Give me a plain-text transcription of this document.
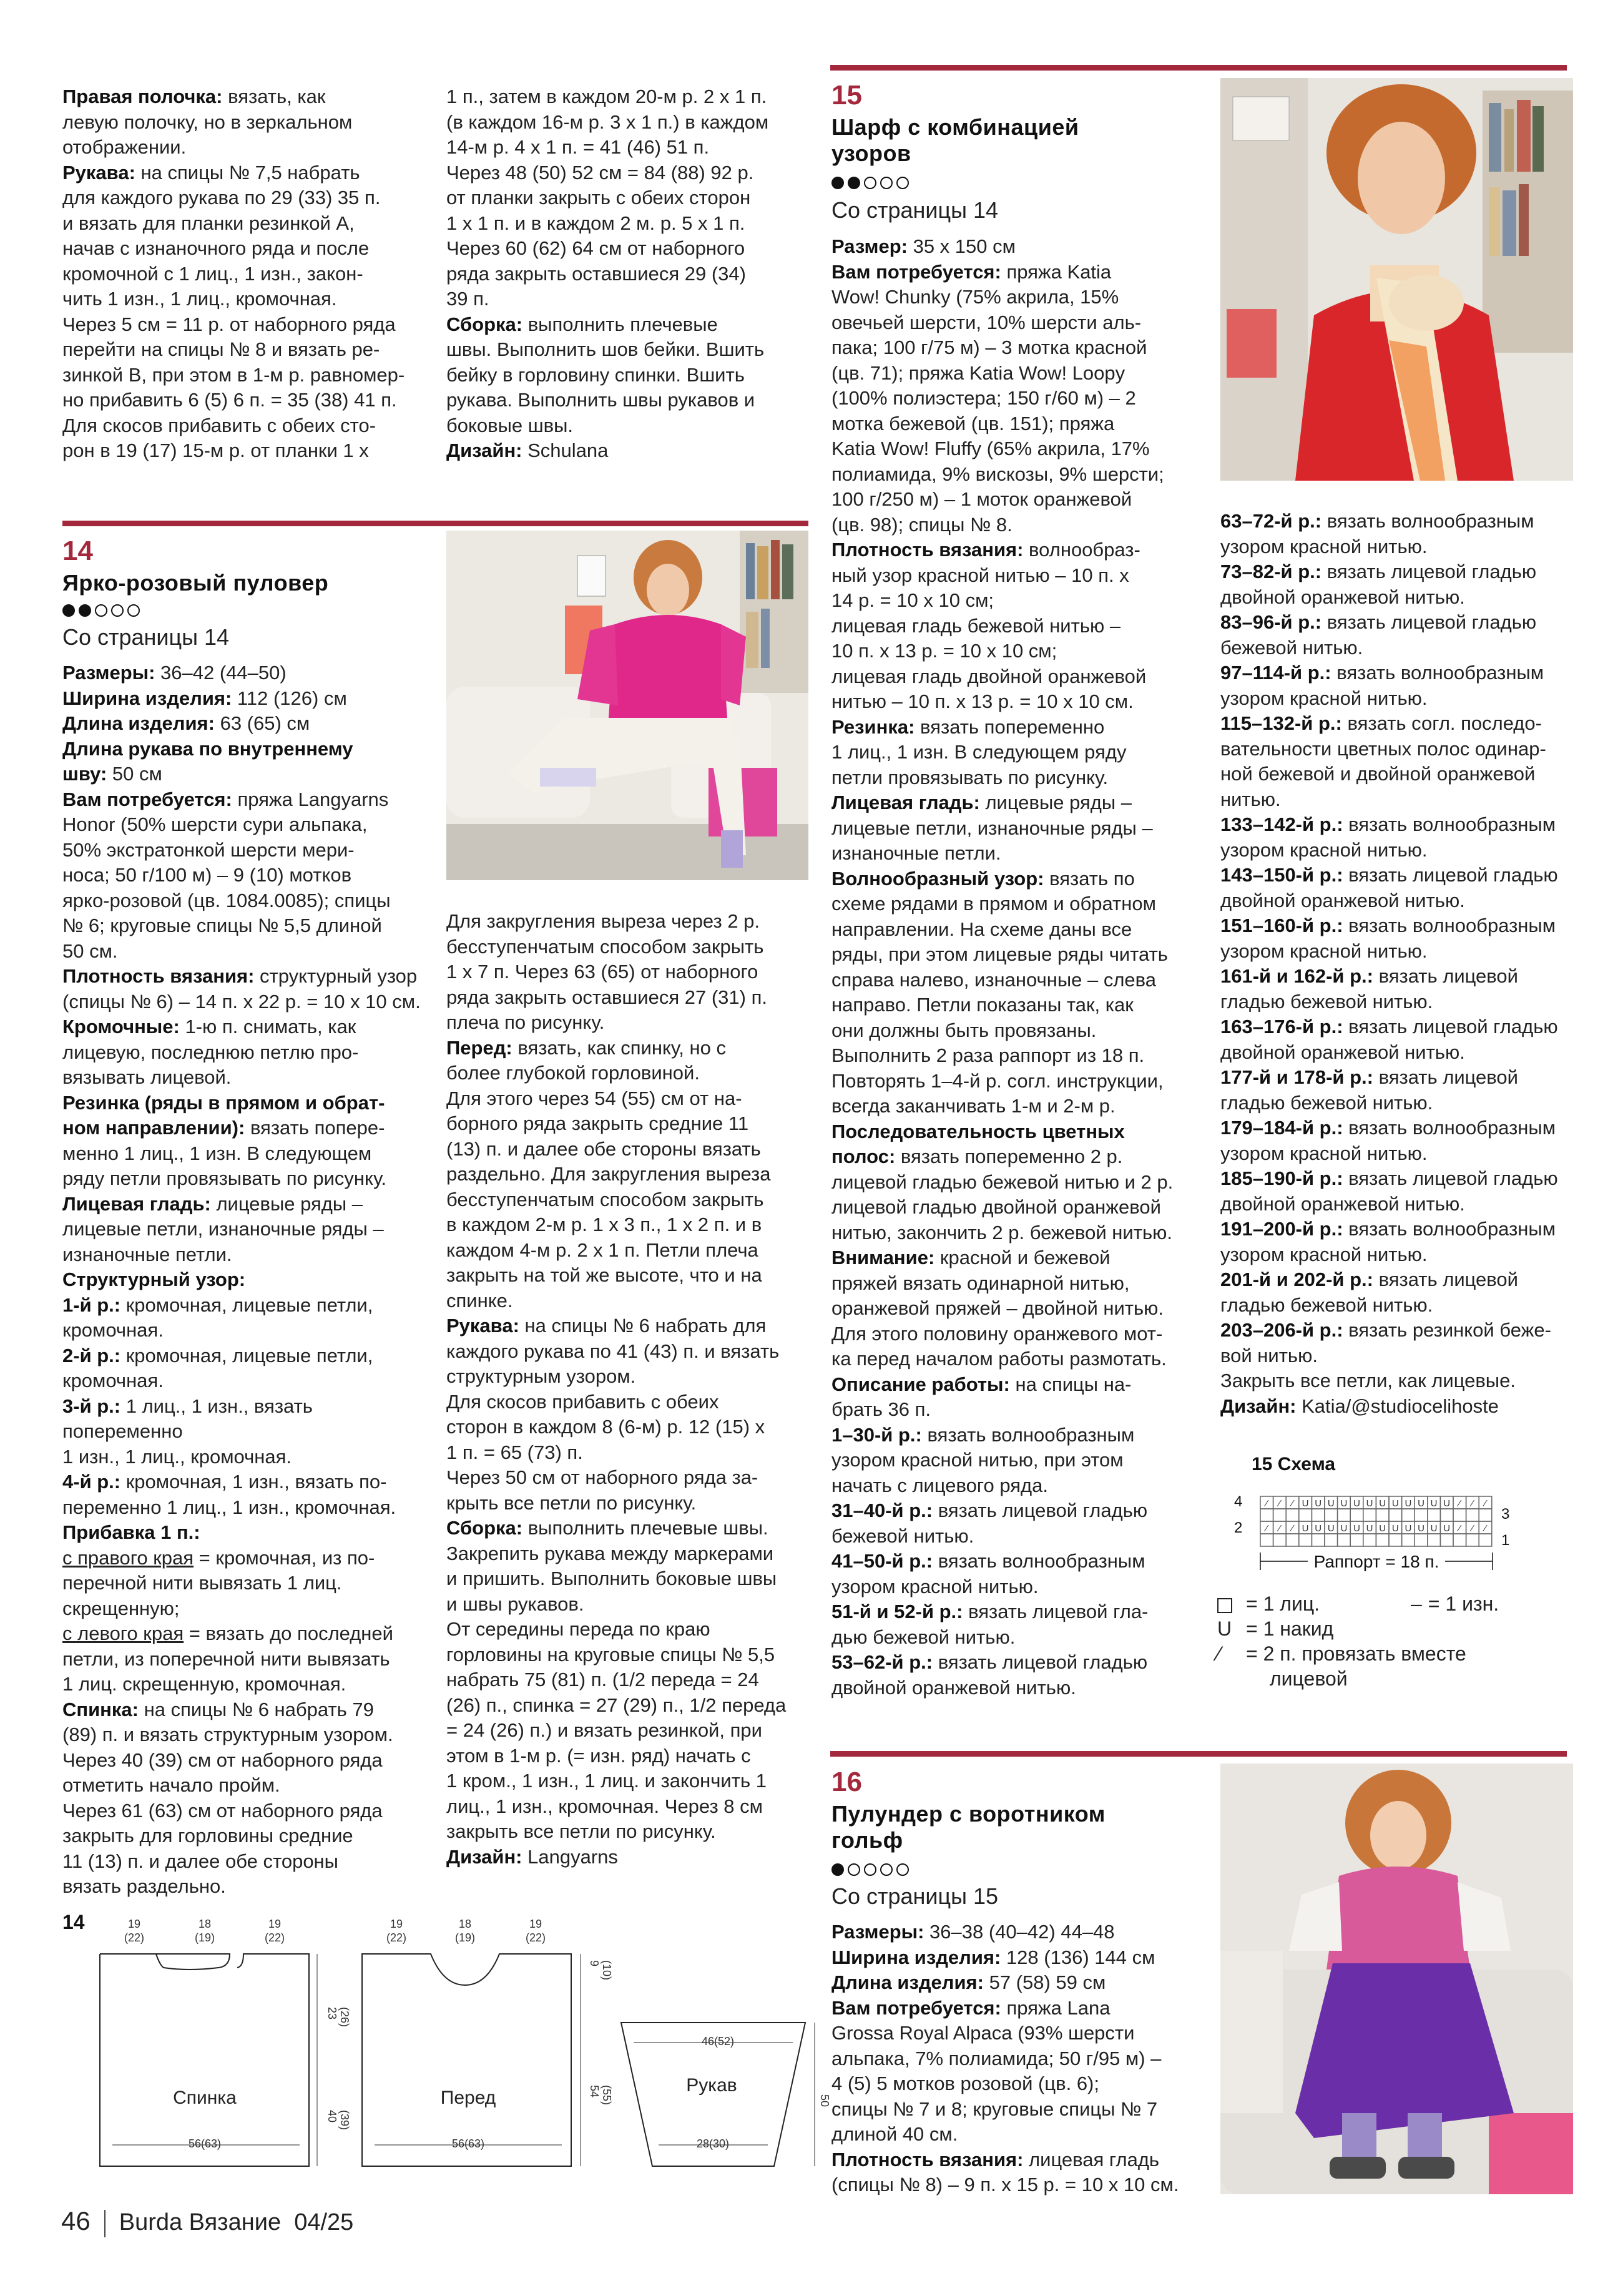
Правая полочка: вязать, как

левую полочку, но в зеркальном

отображении.

Рукава: на спицы № 7,5 набрать

для каждого рукава по 29 (33) 35 п.

и вязать для планки резинкой A,

начав с изнаночного ряда и после

кромочной с 1 лиц., 1 изн., закон-

чить 1 изн., 1 лиц., кромочная.

Через 5 см = 11 р. от наборного ряда

перейти на спицы № 8 и вязать ре-

зинкой B, при этом в 1-м р. равномер-

но прибавить 6 (5) 6 п. = 35 (38) 41 п.

Для скосов прибавить с обеих сто-

рон в 19 (17) 15-м р. от планки 1 x

1 п., затем в каждом 20-м р. 2 x 1 п.

(в каждом 16-м р. 3 x 1 п.) в каждом

14-м р. 4 x 1 п. = 41 (46) 51 п.

Через 48 (50) 52 см = 84 (88) 92 р.

от планки закрыть с обеих сторон

1 x 1 п. и в каждом 2 м. р. 5 x 1 п.

Через 60 (62) 64 см от наборного

ряда закрыть оставшиеся 29 (34)

39 п.

Сборка: выполнить плечевые

швы. Выполнить шов бейки. Вшить

бейку в горловину спинки. Вшить

рукава. Выполнить швы рукавов и

боковые швы.

Дизайн: Schulana

15
Шарф с комбинацией
узоров
Со страницы 14

Размер: 35 x 150 см

Вам потребуется: пряжа Katia

Wow! Chunky (75% акрила, 15%

овечьей шерсти, 10% шерсти аль-

пака; 100 г/75 м) – 3 мотка красной

(цв. 71); пряжа Katia Wow! Loopy

(100% полиэстера; 150 г/60 м) – 2

мотка бежевой (цв. 151); пряжа

Katia Wow! Fluffy (65% акрила, 17%

полиамида, 9% вискозы, 9% шерсти;

100 г/250 м) – 1 моток оранжевой

(цв. 98); спицы № 8.

Плотность вязания: волнообраз-

ный узор красной нитью – 10 п. x

14 р. = 10 x 10 см;

лицевая гладь бежевой нитью –

10 п. x 13 р. = 10 x 10 см;

лицевая гладь двойной оранжевой

нитью – 10 п. x 13 р. = 10 x 10 см.

Резинка: вязать попеременно

1 лиц., 1 изн. В следующем ряду

петли провязывать по рисунку.

Лицевая гладь: лицевые ряды –

лицевые петли, изнаночные ряды –

изнаночные петли.

Волнообразный узор: вязать по

схеме рядами в прямом и обратном

направлении. На схеме даны все

ряды, при этом лицевые ряды читать

справа налево, изнаночные – слева

направо. Петли показаны так, как

они должны быть провязаны.

Выполнить 2 раза раппорт из 18 п.

Повторять 1–4-й р. согл. инструкции,

всегда заканчивать 1-м и 2-м р.

Последовательность цветных

полос: вязать попеременно 2 р.

лицевой гладью бежевой нитью и 2 р.

лицевой гладью двойной оранжевой

нитью, закончить 2 р. бежевой нитью.

Внимание: красной и бежевой

пряжей вязать одинарной нитью,

оранжевой пряжей – двойной нитью.

Для этого половину оранжевого мот-

ка перед началом работы размотать.

Описание работы: на спицы на-

брать 36 п.

1–30-й р.: вязать волнообразным

узором красной нитью, при этом

начать с лицевого ряда.

31–40-й р.: вязать лицевой гладью

бежевой нитью.

41–50-й р.: вязать волнообразным

узором красной нитью.

51-й и 52-й р.: вязать лицевой гла-

дью бежевой нитью.

53–62-й р.: вязать лицевой гладью

двойной оранжевой нитью.

14
Ярко-розовый пуловер
Со страницы 14

Размеры: 36–42 (44–50)

Ширина изделия: 112 (126) см

Длина изделия: 63 (65) см

Длина рукава по внутреннему

шву: 50 см

Вам потребуется: пряжа Langyarns

Honor (50% шерсти сури альпака,

50% экстратонкой шерсти мери-

носа; 50 г/100 м) – 9 (10) мотков

ярко-розовой (цв. 1084.0085); спицы

№ 6; круговые спицы № 5,5 длиной

50 см.

Плотность вязания: структурный узор

(спицы № 6) – 14 п. x 22 р. = 10 x 10 см.

Кромочные: 1-ю п. снимать, как

лицевую, последнюю петлю про-

вязывать лицевой.

Резинка (ряды в прямом и обрат-

ном направлении): вязать попере-

менно 1 лиц., 1 изн. В следующем

ряду петли провязывать по рисунку.

Лицевая гладь: лицевые ряды –

лицевые петли, изнаночные ряды –

изнаночные петли.

Структурный узор:

1-й р.: кромочная, лицевые петли,

кромочная.

2-й р.: кромочная, лицевые петли,

кромочная.

3-й р.: 1 лиц., 1 изн., вязать попеременно

1 изн., 1 лиц., кромочная.

4-й р.: кромочная, 1 изн., вязать по-

переменно 1 лиц., 1 изн., кромочная.

Прибавка 1 п.:

с правого края = кромочная, из по-

перечной нити вывязать 1 лиц.

скрещенную;

с левого края = вязать до последней

петли, из поперечной нити вывязать

1 лиц. скрещенную, кромочная.

Спинка: на спицы № 6 набрать 79

(89) п. и вязать структурным узором.

Через 40 (39) см от наборного ряда

отметить начало пройм.

Через 61 (63) см от наборного ряда

закрыть для горловины средние

11 (13) п. и далее обе стороны

вязать раздельно.

Для закругления выреза через 2 р.

бесступенчатым способом закрыть

1 x 7 п. Через 63 (65) от наборного

ряда закрыть оставшиеся 27 (31) п.

плеча по рисунку.

Перед: вязать, как спинку, но с

более глубокой горловиной.

Для этого через 54 (55) см от на-

борного ряда закрыть средние 11

(13) п. и далее обе стороны вязать

раздельно. Для закругления выреза

бесступенчатым способом закрыть

в каждом 2-м р. 1 x 3 п., 1 x 2 п. и в

каждом 4-м р. 2 x 1 п. Петли плеча

закрыть на той же высоте, что и на

спинке.

Рукава: на спицы № 6 набрать для

каждого рукава по 41 (43) п. и вязать

структурным узором.

Для скосов прибавить с обеих

сторон в каждом 8 (6-м) р. 12 (15) x

1 п. = 65 (73) п.

Через 50 см от наборного ряда за-

крыть все петли по рисунку.

Сборка: выполнить плечевые швы.

Закрепить рукава между маркерами

и пришить. Выполнить боковые швы

и швы рукавов.

От середины переда по краю

горловины на круговые спицы № 5,5

набрать 75 (81) п. (1/2 переда = 24

(26) п., спинка = 27 (29) п., 1/2 переда

= 24 (26) п.) и вязать резинкой, при

этом в 1-м р. (= изн. ряд) начать с

1 кром., 1 изн., 1 лиц. и закончить 1

лиц., 1 изн., кромочная. Через 8 см

закрыть все петли по рисунку.

Дизайн: Langyarns

63–72-й р.: вязать волнообразным

узором красной нитью.

73–82-й р.: вязать лицевой гладью

двойной оранжевой нитью.

83–96-й р.: вязать лицевой гладью

бежевой нитью.

97–114-й р.: вязать волнообразным

узором красной нитью.

115–132-й р.: вязать согл. последо-

вательности цветных полос одинар-

ной бежевой и двойной оранжевой

нитью.

133–142-й р.: вязать волнообразным

узором красной нитью.

143–150-й р.: вязать лицевой гладью

двойной оранжевой нитью.

151–160-й р.: вязать волнообразным

узором красной нитью.

161-й и 162-й р.: вязать лицевой

гладью бежевой нитью.

163–176-й р.: вязать лицевой гладью

двойной оранжевой нитью.

177-й и 178-й р.: вязать лицевой

гладью бежевой нитью.

179–184-й р.: вязать волнообразным

узором красной нитью.

185–190-й р.: вязать лицевой гладью

двойной оранжевой нитью.

191–200-й р.: вязать волнообразным

узором красной нитью.

201-й и 202-й р.: вязать лицевой

гладью бежевой нитью.

203–206-й р.: вязать резинкой беже-

вой нитью.

Закрыть все петли, как лицевые.

Дизайн: Katia/@studiocelihoste

15 Схема
4
2
3
1
⁄ ⁄ ⁄ U U U U U U U U U U U U ⁄ ⁄ ⁄
⁄ ⁄ ⁄ U U U U U U U U U U U U ⁄ ⁄ ⁄
Раппорт = 18 п.
= 1 лиц.	– = 1 изн.
U = 1 накид
⁄ = 2 п. провязать вместе
лицевой
16
Пулундер с воротником
гольф
Со страницы 15

Размеры: 36–38 (40–42) 44–48

Ширина изделия: 128 (136) 144 см

Длина изделия: 57 (58) 59 см

Вам потребуется: пряжа Lana

Grossa Royal Alpaca (93% шерсти

альпака, 7% полиамида; 50 г/95 м) –

4 (5) 5 мотков розовой (цв. 6);

спицы № 7 и 8; круговые спицы № 7

длиной 40 см.

Плотность вязания: лицевая гладь

(спицы № 8) – 9 п. x 15 р. = 10 x 10 см.

14
Спинка
56(63)
23 (26)
40 (39)
19
(22)
18
(19)
19
(22)
Перед
56(63)
19
(22)
18
(19)
19
(22)
9 (10)
54 (55)
46(52)
Рукав
28(30)
50
46 Burda Вязание 04/25
